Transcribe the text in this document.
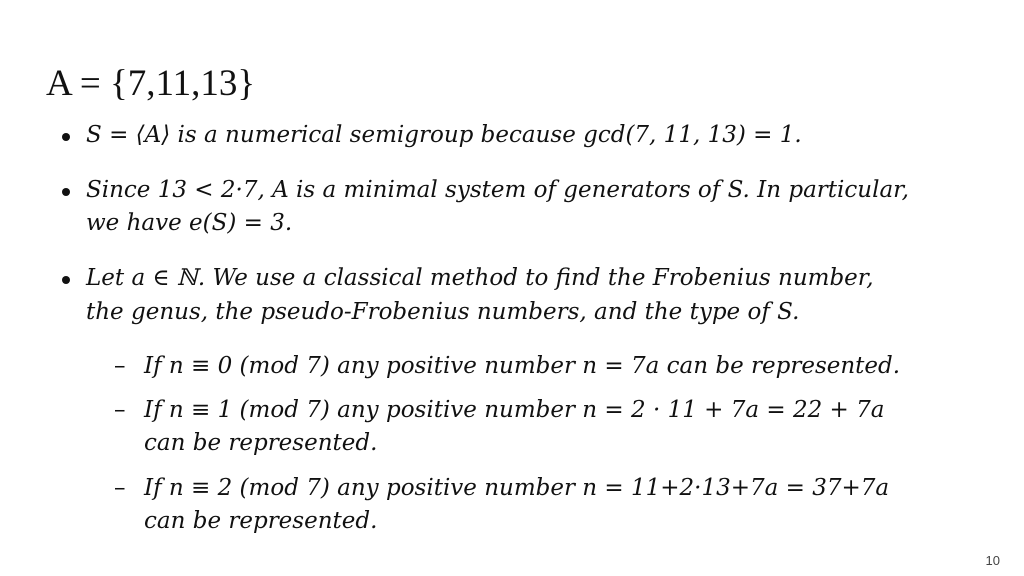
A = {7,11,13}
S = ⟨A⟩ is a numerical semigroup because gcd(7, 11, 13) = 1.
Since 13 < 2·7, A is a minimal system of generators of S. In particular,
we have e(S) = 3.
Let a ∈ ℕ. We use a classical method to find the Frobenius number,
the genus, the pseudo-Frobenius numbers, and the type of S.
– If n ≡ 0 (mod 7) any positive number n = 7a can be represented.
– If n ≡ 1 (mod 7) any positive number n = 2 · 11 + 7a = 22 + 7a
can be represented.
– If n ≡ 2 (mod 7) any positive number n = 11+2·13+7a = 37+7a
can be represented.
10
